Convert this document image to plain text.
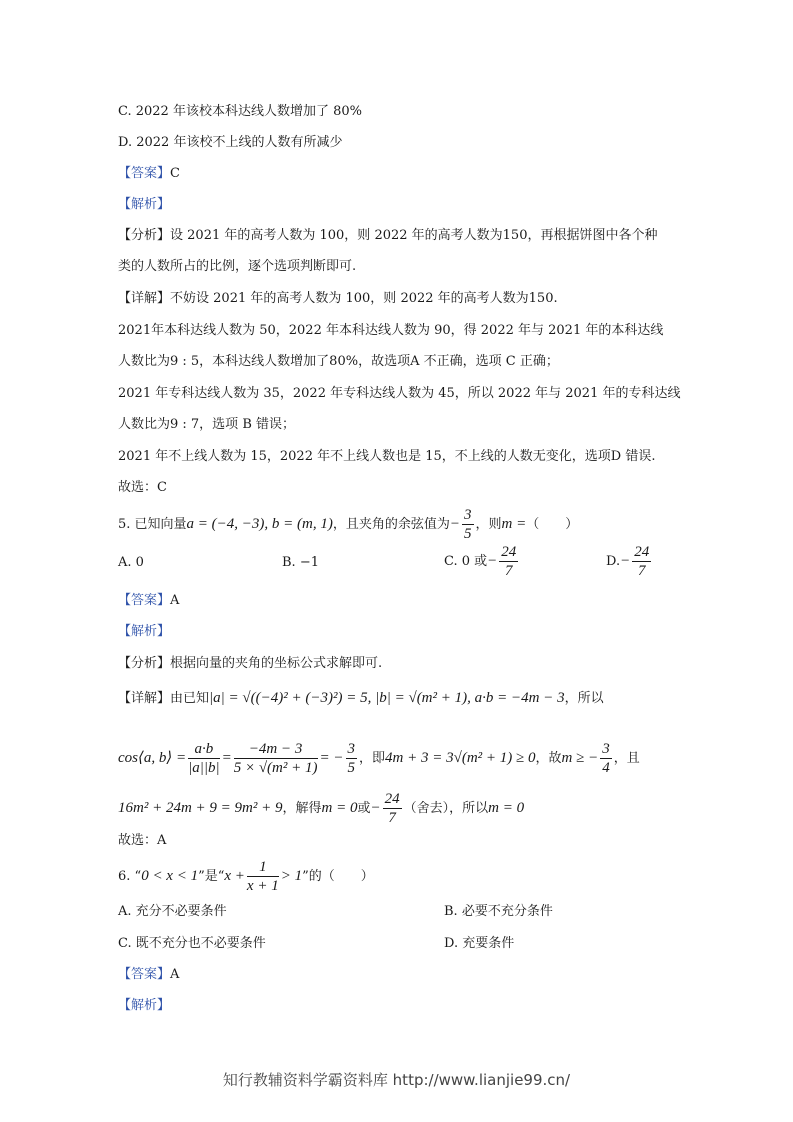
C. 2022 年该校本科达线人数增加了 80%
D. 2022 年该校不上线的人数有所减少
【答案】C
【解析】
【分析】设 2021 年的高考人数为 100，则 2022 年的高考人数为150，再根据饼图中各个种
类的人数所占的比例，逐个选项判断即可.
【详解】不妨设 2021 年的高考人数为 100，则 2022 年的高考人数为150.
2021年本科达线人数为 50，2022 年本科达线人数为 90，得 2022 年与 2021 年的本科达线
人数比为9 : 5，本科达线人数增加了80%，故选项A 不正确，选项 C 正确；
2021 年专科达线人数为 35，2022 年专科达线人数为 45，所以 2022 年与 2021 年的专科达线
人数比为9 : 7，选项 B 错误；
2021 年不上线人数为 15，2022 年不上线人数也是 15，不上线的人数无变化，选项D 错误.
故选：C
5. 已知向量a = (−4, −3), b = (m, 1)，且夹角的余弦值为− $\frac{3}{5}$ ，则m =（　　）
A. 0	B. −1	C. 0 或− $\frac{24}{7}$	$D.- \frac{24}{7}$
【答案】A
【解析】
【分析】根据向量的夹角的坐标公式求解即可.
【详解】由已知|a| = √((−4)² + (−3)²) = 5, |b| = √(m² + 1), a·b = −4m − 3，所以
cos⟨a, b⟩ = $\frac{a\cdot b}{|a||b|} = \frac{-4m - 3}{\text{5 × √(m² + 1)}}$ = − $\frac{3}{5}$ ，即4m + 3 = 3√(m² + 1) ≥ 0，故m ≥ − $\frac{3}{4}$ ，且
16m² + 24m + 9 = 9m² + 9，解得m = 0或− $\frac{24}{7}$ （舍去），所以m = 0
故选：A
6. “0 < x < 1”是“$x + \frac{1}{x + 1} > 1$”的（　　）
A. 充分不必要条件	B. 必要不充分条件
C. 既不充分也不必要条件	D. 充要条件
【答案】A
【解析】
知行教辅资料学霸资料库 http://www.lianjie99.cn/
